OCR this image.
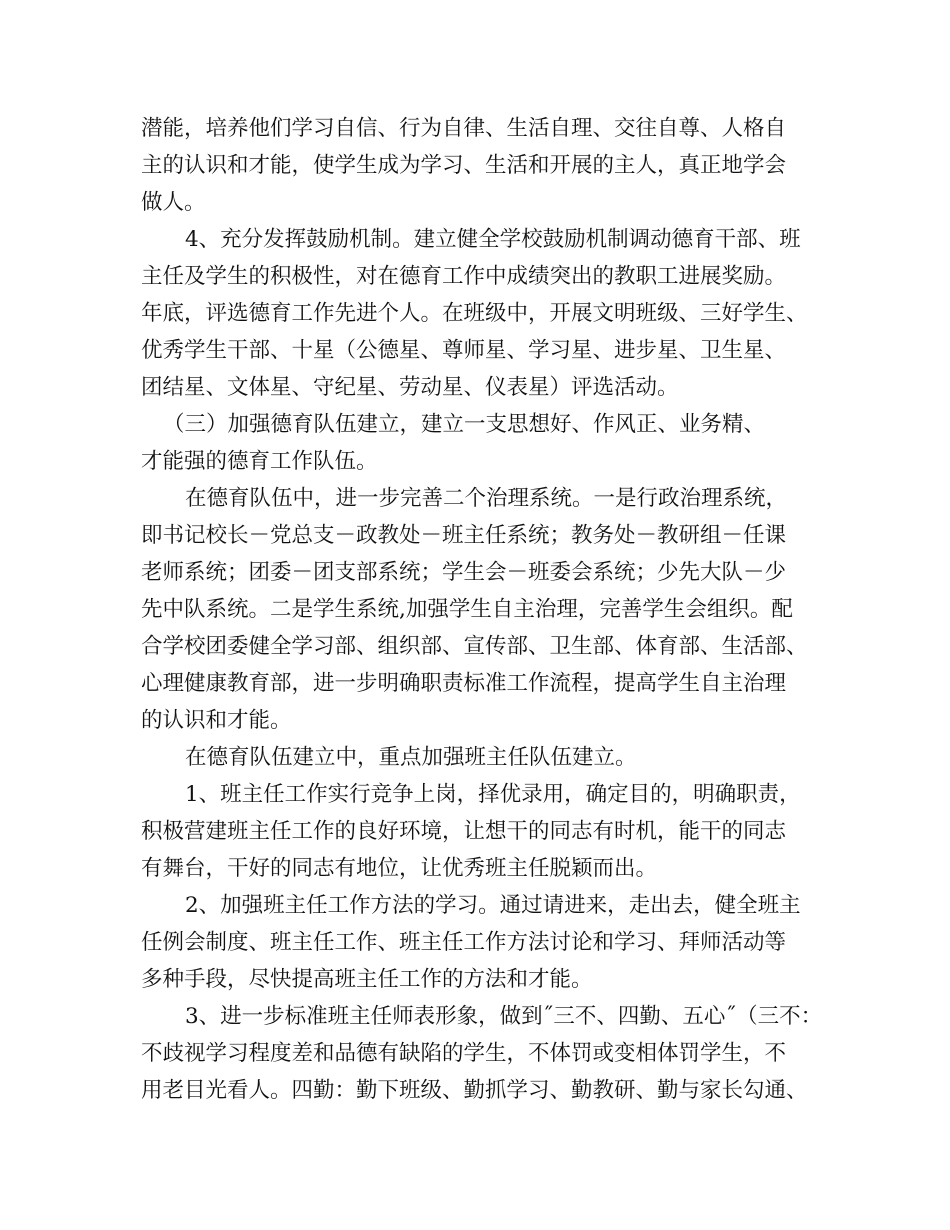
潜能，培养他们学习自信、行为自律、生活自理、交往自尊、人格自
主的认识和才能，使学生成为学习、生活和开展的主人，真正地学会
做人。
4、充分发挥鼓励机制。建立健全学校鼓励机制调动德育干部、班
主任及学生的积极性，对在德育工作中成绩突出的教职工进展奖励。
年底，评选德育工作先进个人。在班级中，开展文明班级、三好学生、
优秀学生干部、十星（公德星、尊师星、学习星、进步星、卫生星、
团结星、文体星、守纪星、劳动星、仪表星）评选活动。
（三）加强德育队伍建立，建立一支思想好、作风正、业务精、
才能强的德育工作队伍。
在德育队伍中，进一步完善二个治理系统。一是行政治理系统，
即书记校长－党总支－政教处－班主任系统；教务处－教研组－任课
老师系统；团委－团支部系统；学生会－班委会系统；少先大队－少
先中队系统。二是学生系统,加强学生自主治理，完善学生会组织。配
合学校团委健全学习部、组织部、宣传部、卫生部、体育部、生活部、
心理健康教育部，进一步明确职责标准工作流程，提高学生自主治理
的认识和才能。
在德育队伍建立中，重点加强班主任队伍建立。
1、班主任工作实行竞争上岗，择优录用，确定目的，明确职责，
积极营建班主任工作的良好环境，让想干的同志有时机，能干的同志
有舞台，干好的同志有地位，让优秀班主任脱颖而出。
2、加强班主任工作方法的学习。通过请进来，走出去，健全班主
任例会制度、班主任工作、班主任工作方法讨论和学习、拜师活动等
多种手段，尽快提高班主任工作的方法和才能。
3、进一步标准班主任师表形象，做到˝三不、四勤、五心˝（三不：
不歧视学习程度差和品德有缺陷的学生，不体罚或变相体罚学生，不
用老目光看人。四勤：勤下班级、勤抓学习、勤教研、勤与家长勾通、
